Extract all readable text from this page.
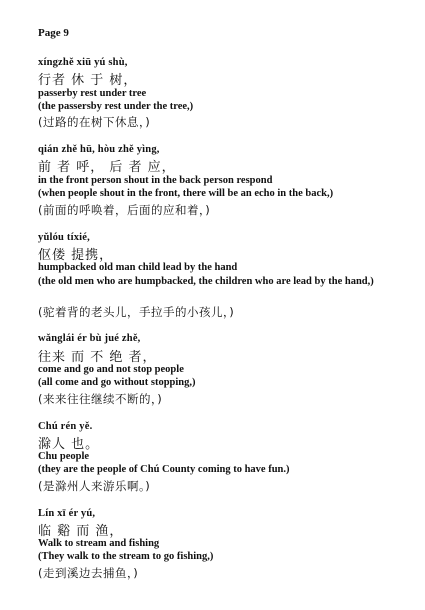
Page 9
xíngzhě xiū yú shù,
行者 休 于 树，
passerby rest under tree
(the passersby rest under the tree,)
(过路的在树下休息，)
qián zhě hū, hòu zhě yìng,
前 者 呼， 后 者 应，
in the front person shout in the back person respond
(when people shout in the front, there will be an echo in the back,)
(前面的呼唤着，后面的应和着，)
yǔlóu tíxié,
伛偻 提携，
humpbacked old man child lead by the hand
(the old men who are humpbacked, the children who are lead by the hand,)
(驼着背的老头儿，手拉手的小孩儿，)
wǎnglái ér bù jué zhě,
往来 而 不 绝 者，
come and go and not stop people
(all come and go without stopping,)
(来来往往继续不断的，)
Chú rén yě.
滁人 也。
Chu people
(they are the people of Chú County coming to have fun.)
(是滁州人来游乐啊。)
Lín xī ér yú,
临 谿 而 渔，
Walk to stream and fishing
(They walk to the stream to go fishing,)
(走到溪边去捕鱼，)
